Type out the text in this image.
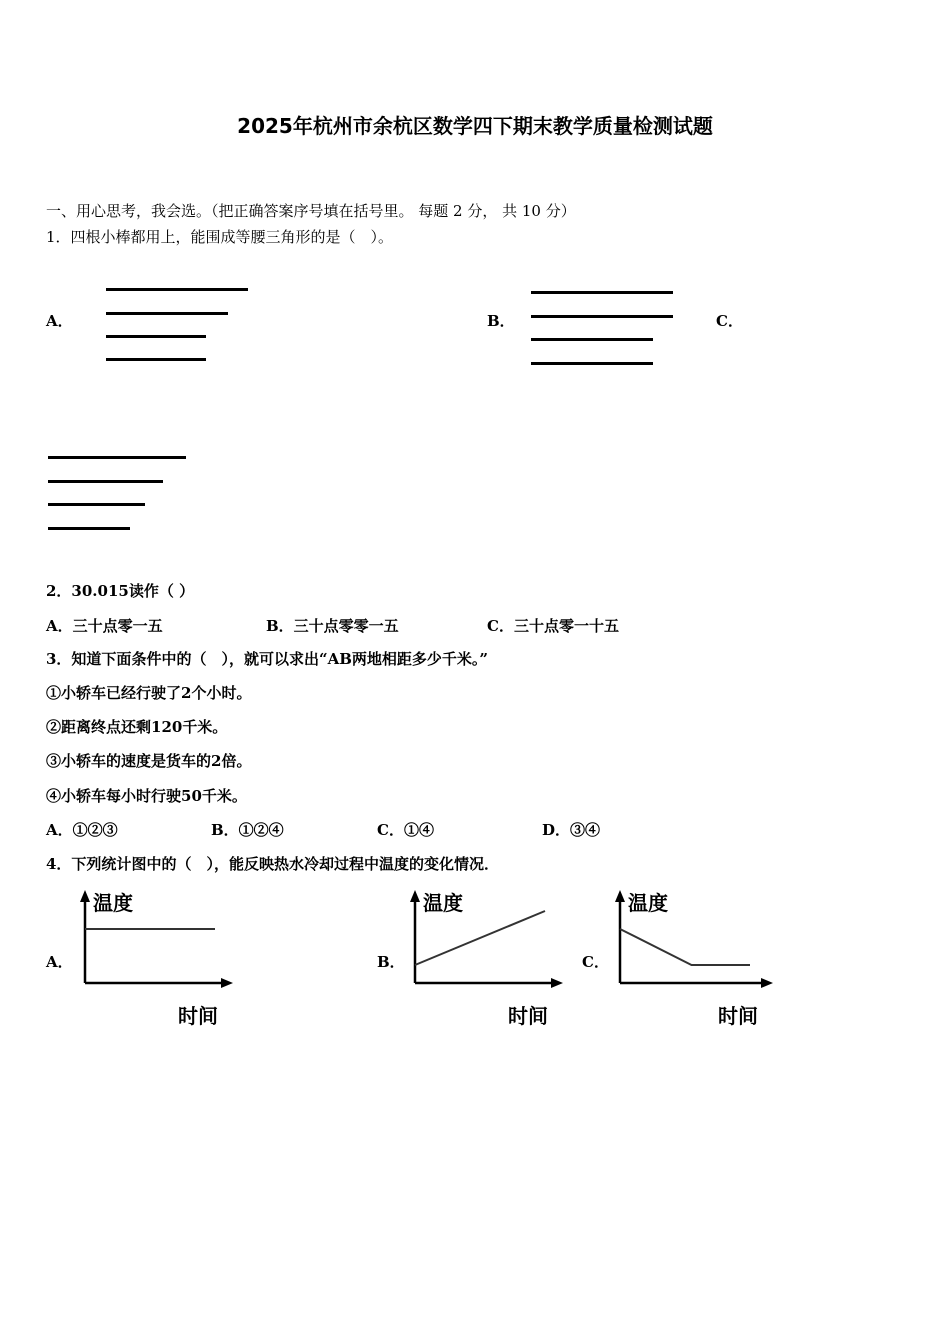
2025年杭州市余杭区数学四下期末教学质量检测试题
一、用心思考，我会选。（把正确答案序号填在括号里。 每题 2 分， 共 10 分）
1．四根小棒都用上，能围成等腰三角形的是（　）。
A．	B．	C．
2．30.015读作（ ）
A．三十点零一五	B．三十点零零一五	C．三十点零一十五
3．知道下面条件中的（　），就可以求出“AB两地相距多少千米。”
①小轿车已经行驶了2个小时。
②距离终点还剩120千米。
③小轿车的速度是货车的2倍。
④小轿车每小时行驶50千米。
A．①②③	B．①②④	C．①④	D．③④
4．下列统计图中的（　），能反映热水冷却过程中温度的变化情况．
A．	B．	C．
温度
时间
温度
时间
温度
时间
